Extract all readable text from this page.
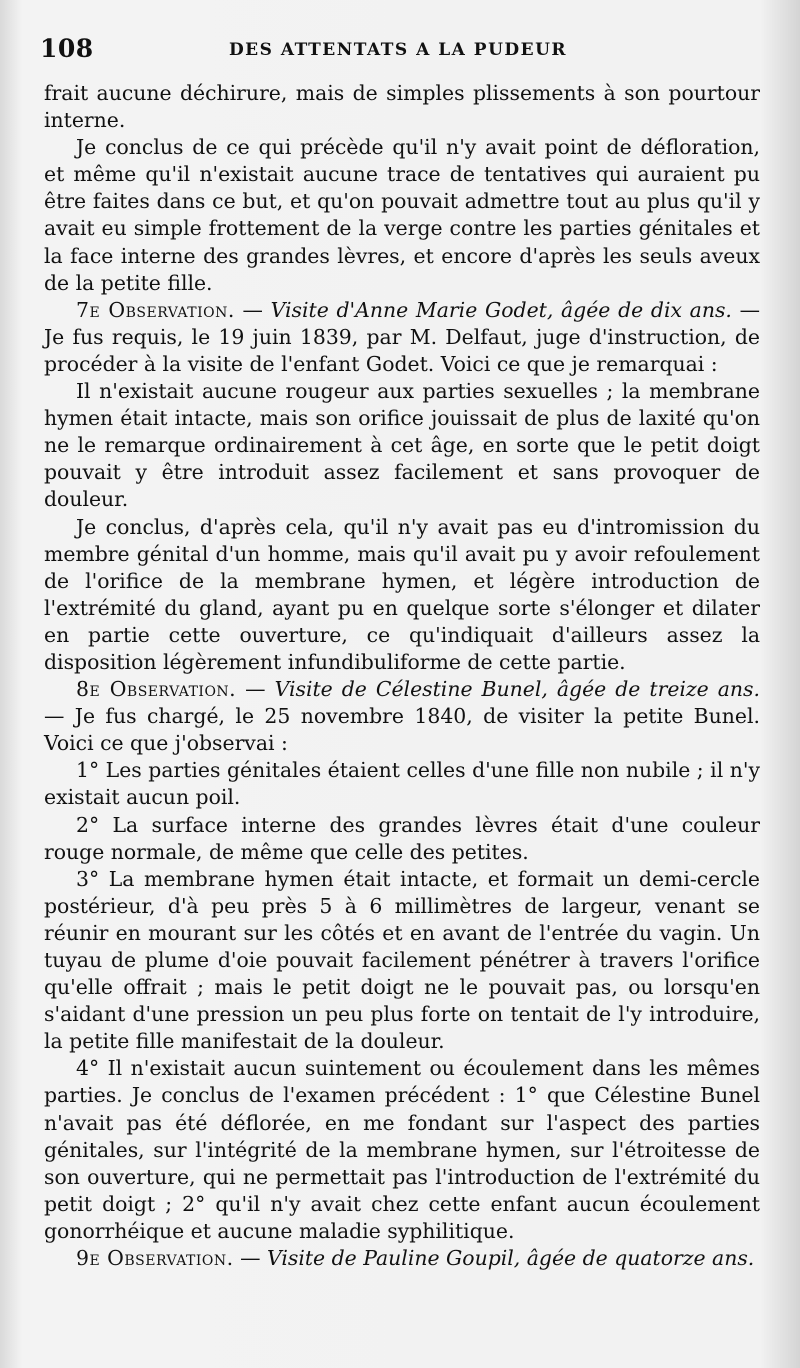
108	DES ATTENTATS A LA PUDEUR

frait aucune déchirure, mais de simples plissements à son pourtour interne.

Je conclus de ce qui précède qu'il n'y avait point de défloration, et même qu'il n'existait aucune trace de tentatives qui auraient pu être faites dans ce but, et qu'on pouvait admettre tout au plus qu'il y avait eu simple frottement de la verge contre les parties génitales et la face interne des grandes lèvres, et encore d'après les seuls aveux de la petite fille.

7e Observation. — Visite d'Anne Marie Godet, âgée de dix ans. — Je fus requis, le 19 juin 1839, par M. Delfaut, juge d'instruction, de procéder à la visite de l'enfant Godet. Voici ce que je remarquai :

Il n'existait aucune rougeur aux parties sexuelles ; la membrane hymen était intacte, mais son orifice jouissait de plus de laxité qu'on ne le remarque ordinairement à cet âge, en sorte que le petit doigt pouvait y être introduit assez facilement et sans provoquer de douleur.

Je conclus, d'après cela, qu'il n'y avait pas eu d'intromission du membre génital d'un homme, mais qu'il avait pu y avoir refoulement de l'orifice de la membrane hymen, et légère introduction de l'extrémité du gland, ayant pu en quelque sorte s'élonger et dilater en partie cette ouverture, ce qu'indiquait d'ailleurs assez la disposition légèrement infundibuliforme de cette partie.

8e Observation. — Visite de Célestine Bunel, âgée de treize ans. — Je fus chargé, le 25 novembre 1840, de visiter la petite Bunel. Voici ce que j'observai :

1° Les parties génitales étaient celles d'une fille non nubile ; il n'y existait aucun poil.

2° La surface interne des grandes lèvres était d'une couleur rouge normale, de même que celle des petites.

3° La membrane hymen était intacte, et formait un demi-cercle postérieur, d'à peu près 5 à 6 millimètres de largeur, venant se réunir en mourant sur les côtés et en avant de l'entrée du vagin. Un tuyau de plume d'oie pouvait facilement pénétrer à travers l'orifice qu'elle offrait ; mais le petit doigt ne le pouvait pas, ou lorsqu'en s'aidant d'une pression un peu plus forte on tentait de l'y introduire, la petite fille manifestait de la douleur.

4° Il n'existait aucun suintement ou écoulement dans les mêmes parties. Je conclus de l'examen précédent : 1° que Célestine Bunel n'avait pas été déflorée, en me fondant sur l'aspect des parties génitales, sur l'intégrité de la membrane hymen, sur l'étroitesse de son ouverture, qui ne permettait pas l'introduction de l'extrémité du petit doigt ; 2° qu'il n'y avait chez cette enfant aucun écoulement gonorrhéique et aucune maladie syphilitique.

9e Observation. — Visite de Pauline Goupil, âgée de quatorze ans.
